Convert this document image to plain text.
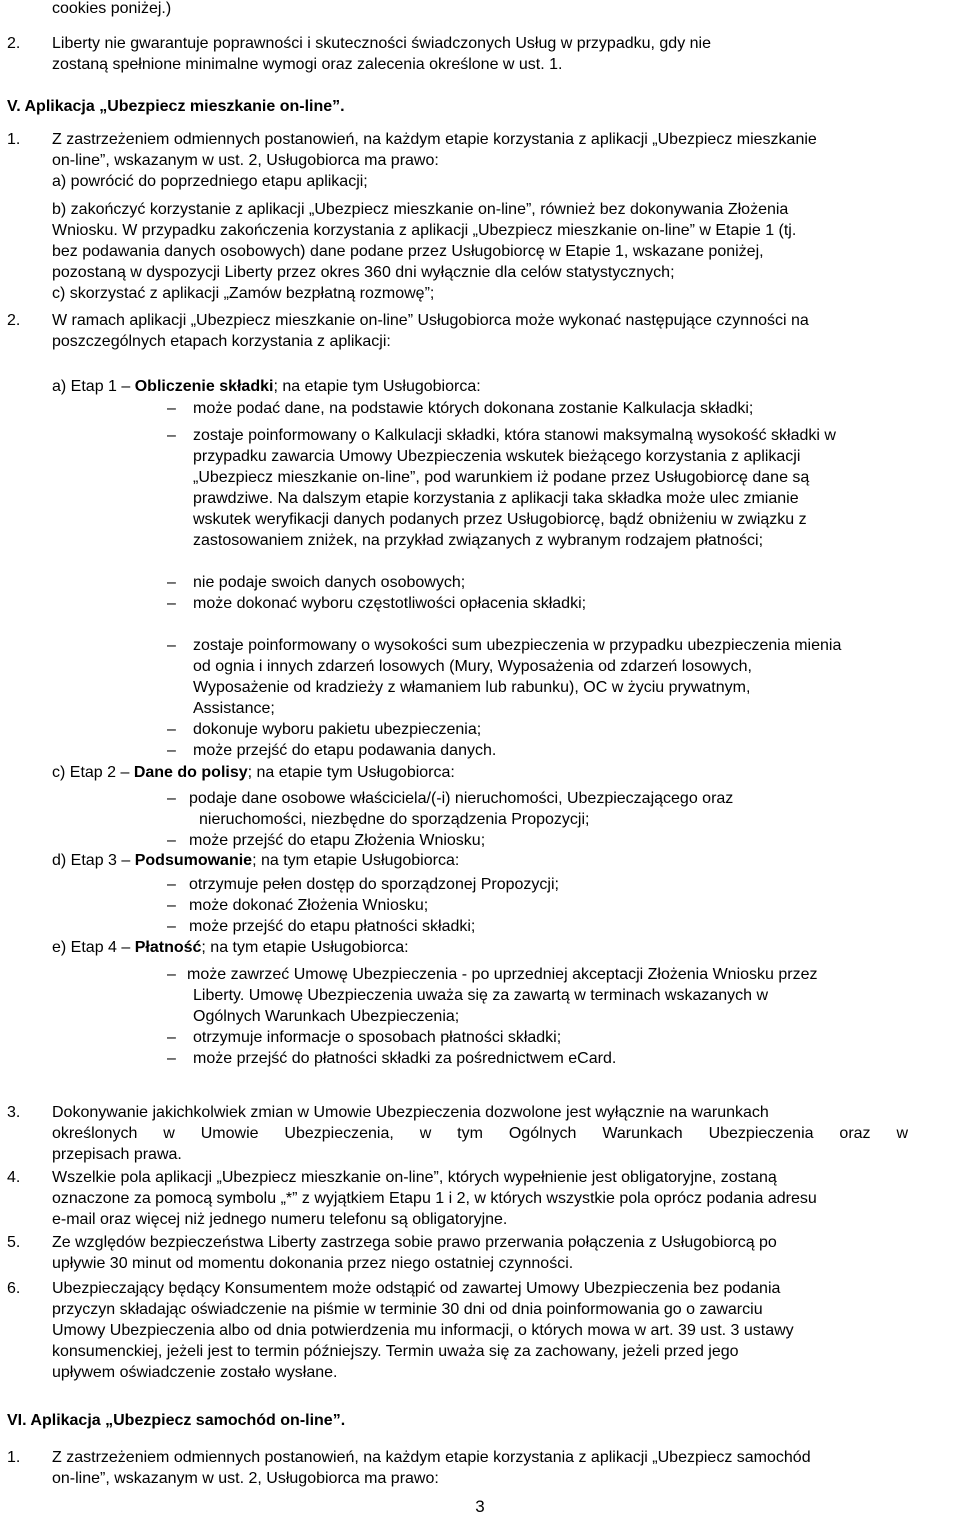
cookies poniżej.)

2. Liberty nie gwarantuje poprawności i skuteczności świadczonych Usług w przypadku, gdy nie

zostaną spełnione minimalne wymogi oraz zalecenia określone w ust. 1.

V. Aplikacja „Ubezpiecz mieszkanie on-line”.
1. Z zastrzeżeniem odmiennych postanowień, na każdym etapie korzystania z aplikacji „Ubezpiecz mieszkanie

on-line”, wskazanym w ust. 2, Usługobiorca ma prawo:

a) powrócić do poprzedniego etapu aplikacji;

b) zakończyć korzystanie z aplikacji „Ubezpiecz mieszkanie on-line”, również bez dokonywania Złożenia

Wniosku. W przypadku zakończenia korzystania z aplikacji „Ubezpiecz mieszkanie on-line” w Etapie 1 (tj.

bez podawania danych osobowych) dane podane przez Usługobiorcę w Etapie 1, wskazane poniżej,

pozostaną w dyspozycji Liberty przez okres 360 dni wyłącznie dla celów statystycznych;

c) skorzystać z aplikacji „Zamów bezpłatną rozmowę”;

2. W ramach aplikacji „Ubezpiecz mieszkanie on-line” Usługobiorca może wykonać następujące czynności na

poszczególnych etapach korzystania z aplikacji:

a) Etap 1 – Obliczenie składki; na etapie tym Usługobiorca:

– może podać dane, na podstawie których dokonana zostanie Kalkulacja składki;

– zostaje poinformowany o Kalkulacji składki, która stanowi maksymalną wysokość składki w

przypadku zawarcia Umowy Ubezpieczenia wskutek bieżącego korzystania z aplikacji

„Ubezpiecz mieszkanie on-line”, pod warunkiem iż podane przez Usługobiorcę dane są

prawdziwe. Na dalszym etapie korzystania z aplikacji taka składka może ulec zmianie

wskutek weryfikacji danych podanych przez Usługobiorcę, bądź obniżeniu w związku z

zastosowaniem zniżek, na przykład związanych z wybranym rodzajem płatności;

– nie podaje swoich danych osobowych;

– może dokonać wyboru częstotliwości opłacenia składki;

– zostaje poinformowany o wysokości sum ubezpieczenia w przypadku ubezpieczenia mienia

od ognia i innych zdarzeń losowych (Mury, Wyposażenia od zdarzeń losowych,

Wyposażenie od kradzieży z włamaniem lub rabunku), OC w życiu prywatnym,

Assistance;

– dokonuje wyboru pakietu ubezpieczenia;

– może przejść do etapu podawania danych.

c) Etap 2 – Dane do polisy; na etapie tym Usługobiorca:

– podaje dane osobowe właściciela/(-i) nieruchomości, Ubezpieczającego oraz

nieruchomości, niezbędne do sporządzenia Propozycji;

– może przejść do etapu Złożenia Wniosku;

d) Etap 3 – Podsumowanie; na tym etapie Usługobiorca:

– otrzymuje pełen dostęp do sporządzonej Propozycji;

– może dokonać Złożenia Wniosku;

– może przejść do etapu płatności składki;

e) Etap 4 – Płatność; na tym etapie Usługobiorca:

– może zawrzeć Umowę Ubezpieczenia - po uprzedniej akceptacji Złożenia Wniosku przez

Liberty. Umowę Ubezpieczenia uważa się za zawartą w terminach wskazanych w

Ogólnych Warunkach Ubezpieczenia;

– otrzymuje informacje o sposobach płatności składki;

– może przejść do płatności składki za pośrednictwem eCard.

3. Dokonywanie jakichkolwiek zmian w Umowie Ubezpieczenia dozwolone jest wyłącznie na warunkach

określonych w Umowie Ubezpieczenia, w tym Ogólnych Warunkach Ubezpieczenia oraz w

przepisach prawa.

4. Wszelkie pola aplikacji „Ubezpiecz mieszkanie on-line”, których wypełnienie jest obligatoryjne, zostaną

oznaczone za pomocą symbolu „*” z wyjątkiem Etapu 1 i 2, w których wszystkie pola oprócz podania adresu

e-mail oraz więcej niż jednego numeru telefonu są obligatoryjne.

5. Ze względów bezpieczeństwa Liberty zastrzega sobie prawo przerwania połączenia z Usługobiorcą po

upływie 30 minut od momentu dokonania przez niego ostatniej czynności.

6. Ubezpieczający będący Konsumentem może odstąpić od zawartej Umowy Ubezpieczenia bez podania

przyczyn składając oświadczenie na piśmie w terminie 30 dni od dnia poinformowania go o zawarciu

Umowy Ubezpieczenia albo od dnia potwierdzenia mu informacji, o których mowa w art. 39 ust. 3 ustawy

konsumenckiej, jeżeli jest to termin późniejszy. Termin uważa się za zachowany, jeżeli przed jego

upływem oświadczenie zostało wysłane.

VI. Aplikacja „Ubezpiecz samochód on-line”.
1. Z zastrzeżeniem odmiennych postanowień, na każdym etapie korzystania z aplikacji „Ubezpiecz samochód

on-line”, wskazanym w ust. 2, Usługobiorca ma prawo:

3
